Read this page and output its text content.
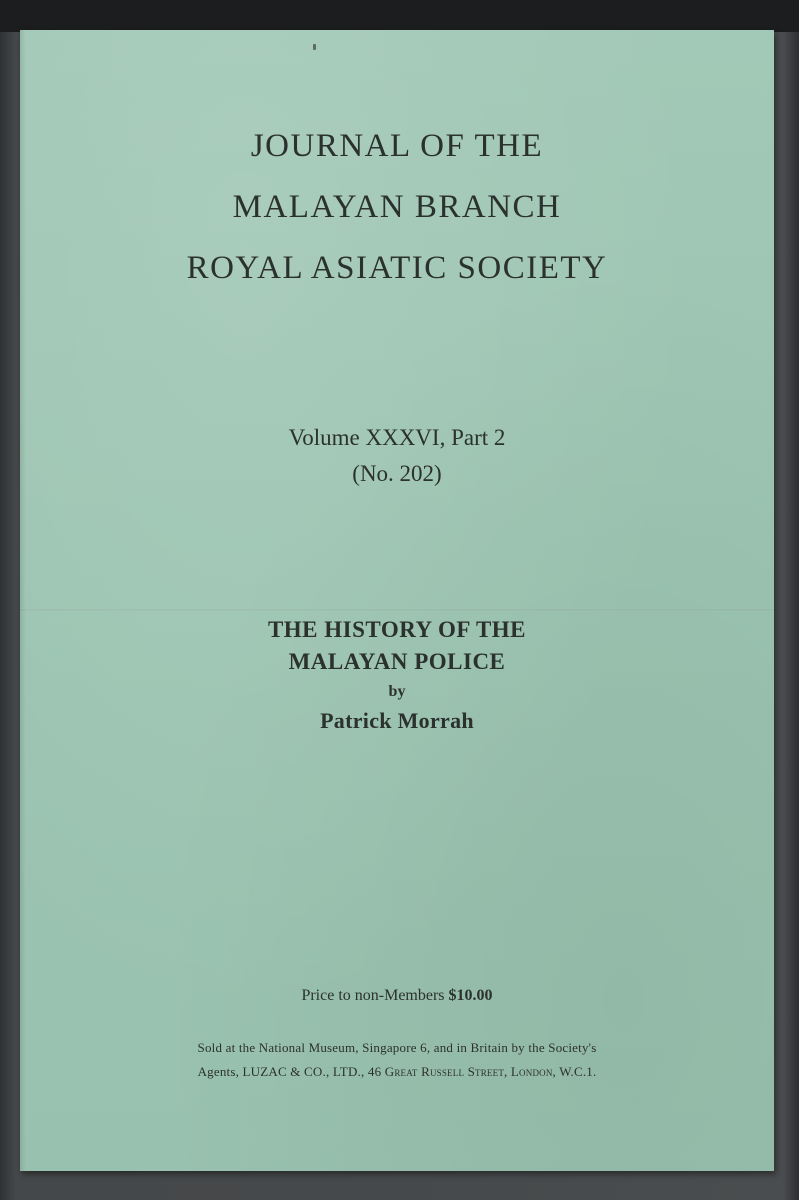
JOURNAL OF THE
MALAYAN BRANCH
ROYAL ASIATIC SOCIETY
Volume XXXVI, Part 2
(No. 202)
THE HISTORY OF THE
MALAYAN POLICE
by
Patrick Morrah
Price to non-Members $10.00
Sold at the National Museum, Singapore 6, and in Britain by the Society's
Agents, LUZAC & CO., LTD., 46 Great Russell Street, London, W.C.1.
